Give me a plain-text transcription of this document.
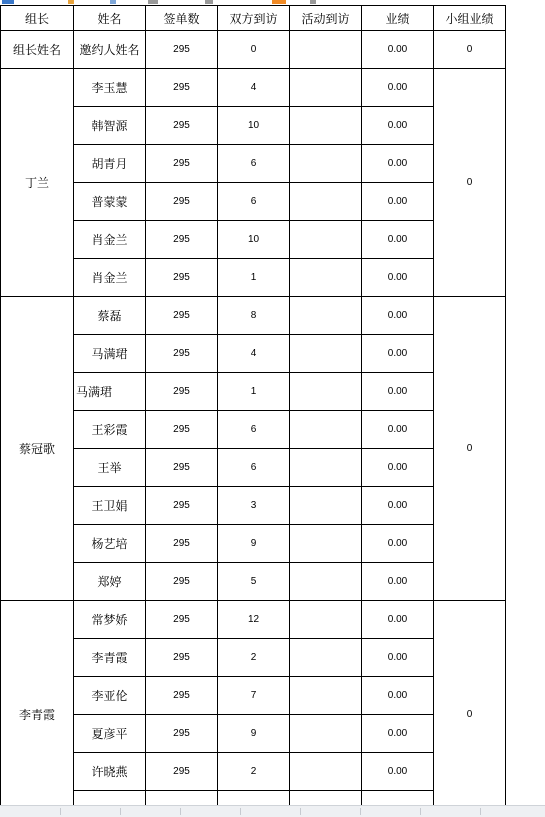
组长	姓名	签单数	双方到访	活动到访	业绩	小组业绩
组长姓名	邀约人姓名	295	0		0.00	0
丁兰	李玉慧	295	4		0.00	0
	韩智源	295	10		0.00	
	胡青月	295	6		0.00	
	普蒙蒙	295	6		0.00	
	肖金兰	295	10		0.00	
	肖金兰	295	1		0.00	
蔡冠歌	蔡磊	295	8		0.00	0
	马满珺	295	4		0.00	
	马满珺	295	1		0.00	
	王彩霞	295	6		0.00	
	王举	295	6		0.00	
	王卫娟	295	3		0.00	
	杨艺培	295	9		0.00	
	郑婷	295	5		0.00	
李青霞	常梦娇	295	12		0.00	0
	李青霞	295	2		0.00	
	李亚伦	295	7		0.00	
	夏彦平	295	9		0.00	
	许晓燕	295	2		0.00	
